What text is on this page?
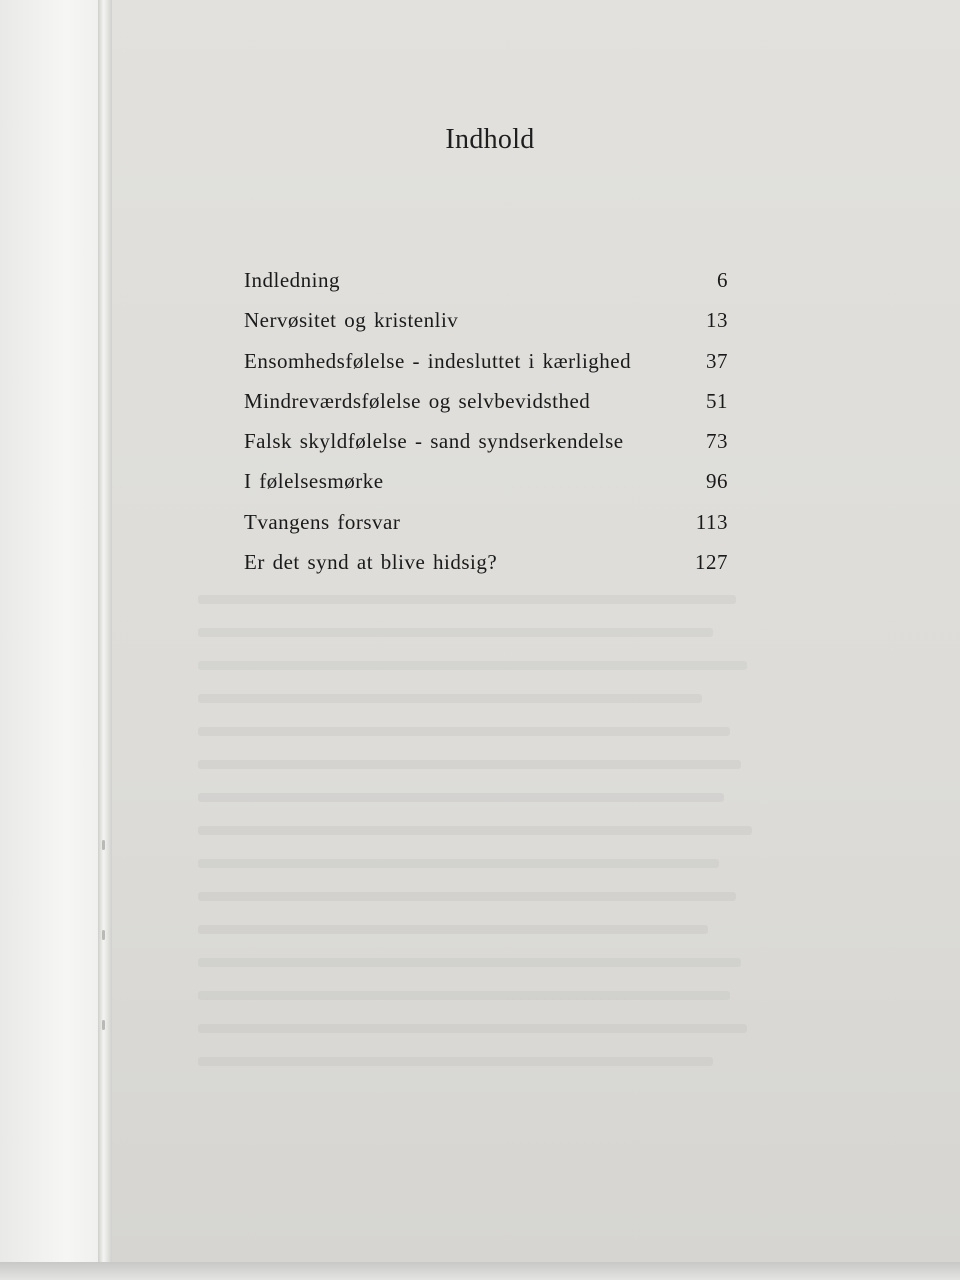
Indhold
Indledning	6
Nervøsitet og kristenliv	13
Ensomhedsfølelse - indesluttet i kærlighed	37
Mindreværdsfølelse og selvbevidsthed	51
Falsk skyldfølelse - sand syndserkendelse	73
I følelsesmørke	96
Tvangens forsvar	113
Er det synd at blive hidsig?	127
